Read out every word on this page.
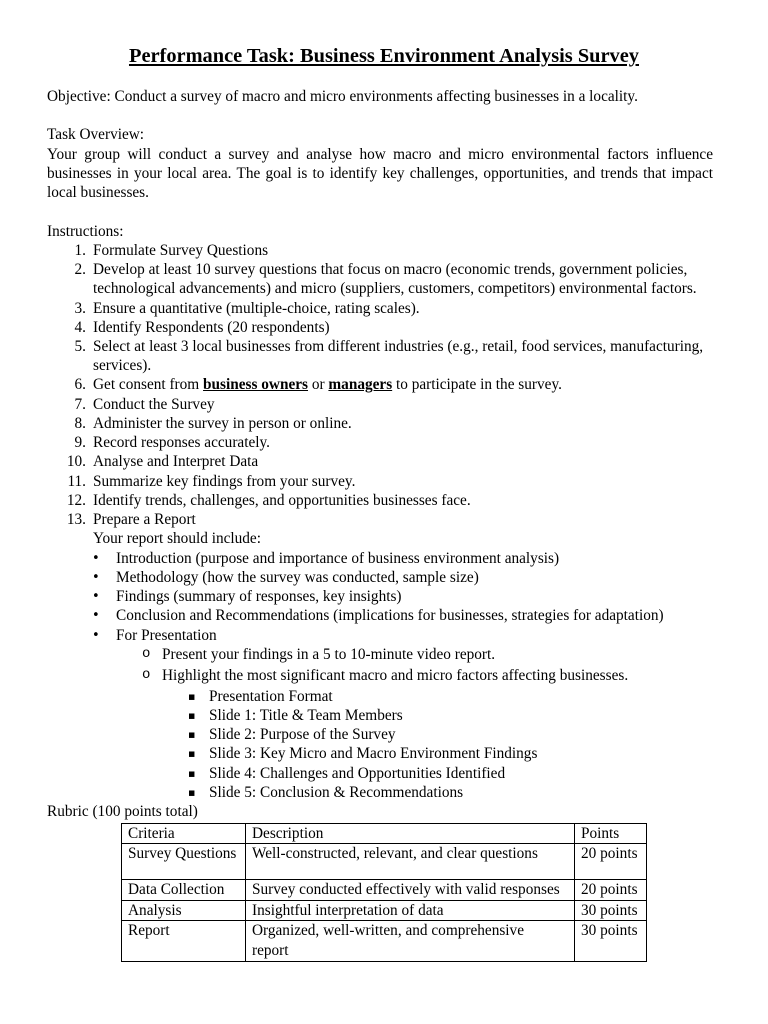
Performance Task: Business Environment Analysis Survey
Objective: Conduct a survey of macro and micro environments affecting businesses in a locality.
Task Overview:
Your group will conduct a survey and analyse how macro and micro environmental factors influence businesses in your local area. The goal is to identify key challenges, opportunities, and trends that impact local businesses.
Instructions:
1. Formulate Survey Questions
2. Develop at least 10 survey questions that focus on macro (economic trends, government policies, technological advancements) and micro (suppliers, customers, competitors) environmental factors.
3. Ensure a quantitative (multiple-choice, rating scales).
4. Identify Respondents (20 respondents)
5. Select at least 3 local businesses from different industries (e.g., retail, food services, manufacturing, services).
6. Get consent from business owners or managers to participate in the survey.
7. Conduct the Survey
8. Administer the survey in person or online.
9. Record responses accurately.
10. Analyse and Interpret Data
11. Summarize key findings from your survey.
12. Identify trends, challenges, and opportunities businesses face.
13. Prepare a Report
Your report should include:
• Introduction (purpose and importance of business environment analysis)
• Methodology (how the survey was conducted, sample size)
• Findings (summary of responses, key insights)
• Conclusion and Recommendations (implications for businesses, strategies for adaptation)
• For Presentation
o Present your findings in a 5 to 10-minute video report.
o Highlight the most significant macro and micro factors affecting businesses.
▪ Presentation Format
▪ Slide 1: Title & Team Members
▪ Slide 2: Purpose of the Survey
▪ Slide 3: Key Micro and Macro Environment Findings
▪ Slide 4: Challenges and Opportunities Identified
▪ Slide 5: Conclusion & Recommendations
Rubric (100 points total)
Criteria	Description	Points
Survey Questions	Well-constructed, relevant, and clear questions	20 points
Data Collection	Survey conducted effectively with valid responses	20 points
Analysis	Insightful interpretation of data	30 points
Report	Organized, well-written, and comprehensive report	30 points
